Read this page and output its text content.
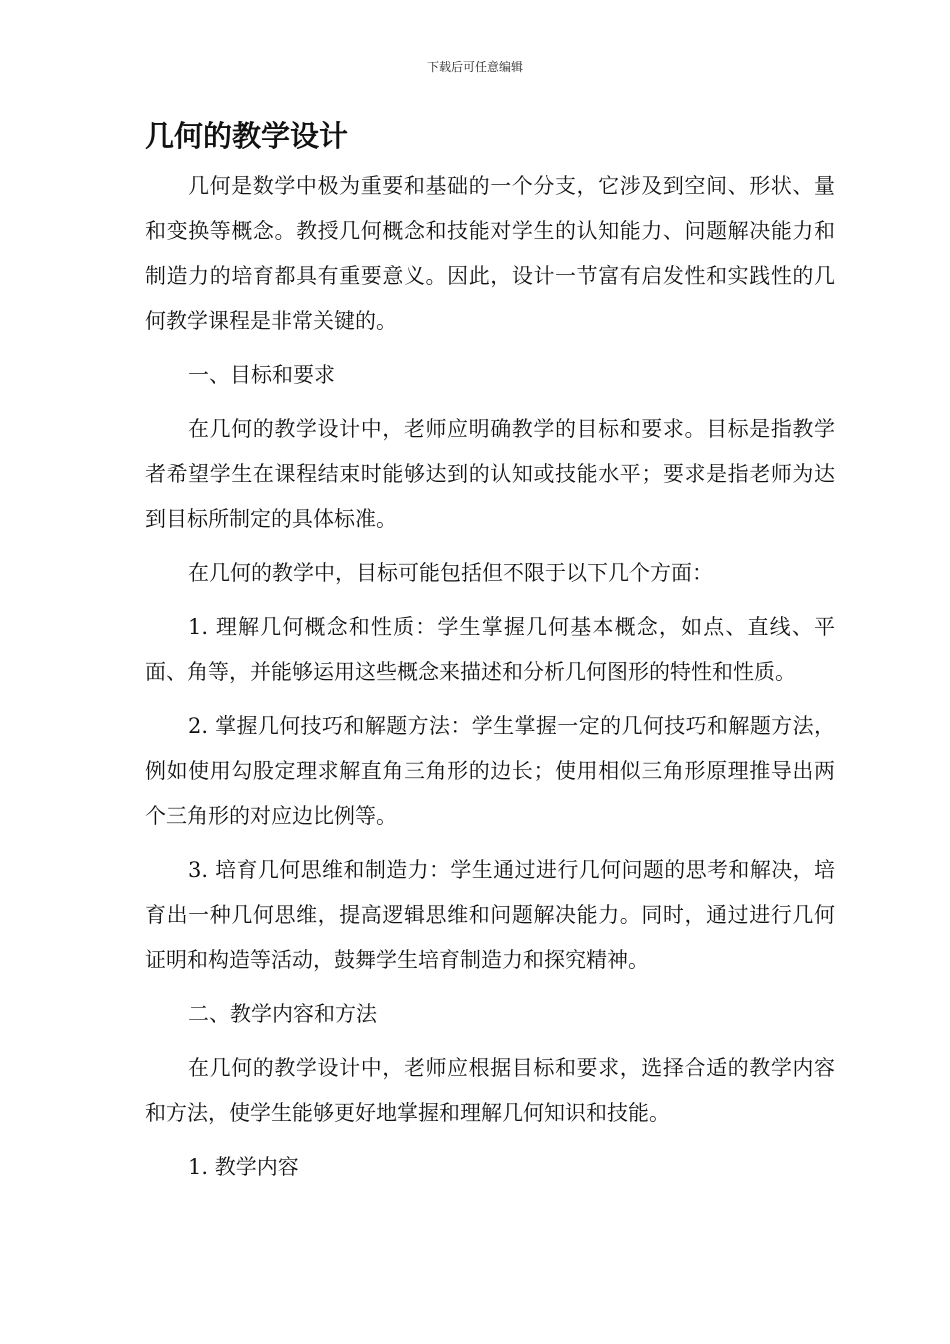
下载后可任意编辑
几何的教学设计

几何是数学中极为重要和基础的一个分支，它涉及到空间、形状、量和变换等概念。教授几何概念和技能对学生的认知能力、问题解决能力和制造力的培育都具有重要意义。因此，设计一节富有启发性和实践性的几何教学课程是非常关键的。

一、目标和要求

在几何的教学设计中，老师应明确教学的目标和要求。目标是指教学者希望学生在课程结束时能够达到的认知或技能水平；要求是指老师为达到目标所制定的具体标准。

在几何的教学中，目标可能包括但不限于以下几个方面：

1. 理解几何概念和性质：学生掌握几何基本概念，如点、直线、平面、角等，并能够运用这些概念来描述和分析几何图形的特性和性质。

2. 掌握几何技巧和解题方法：学生掌握一定的几何技巧和解题方法，例如使用勾股定理求解直角三角形的边长；使用相似三角形原理推导出两个三角形的对应边比例等。

3. 培育几何思维和制造力：学生通过进行几何问题的思考和解决，培育出一种几何思维，提高逻辑思维和问题解决能力。同时，通过进行几何证明和构造等活动，鼓舞学生培育制造力和探究精神。

二、教学内容和方法

在几何的教学设计中，老师应根据目标和要求，选择合适的教学内容和方法，使学生能够更好地掌握和理解几何知识和技能。

1. 教学内容
